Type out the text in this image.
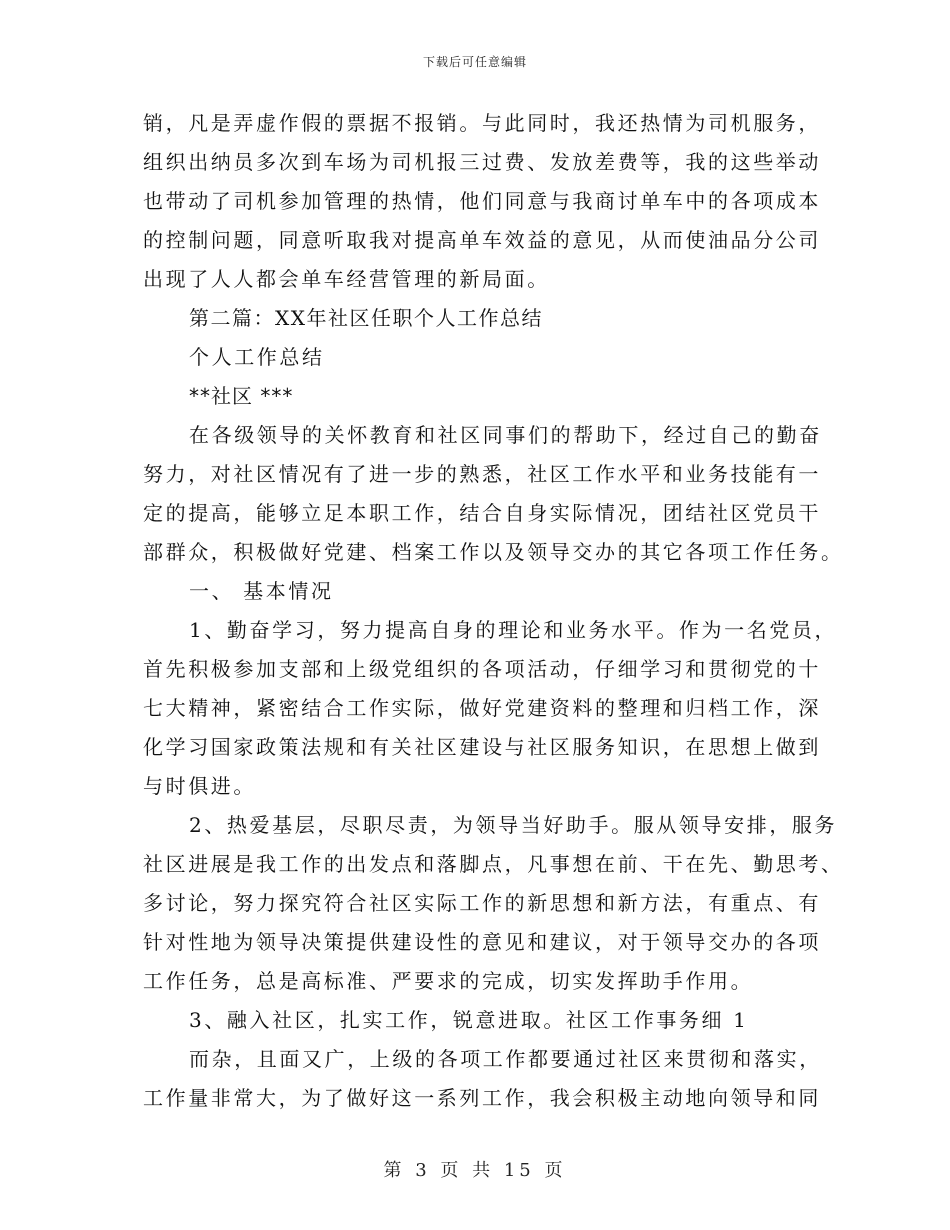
下载后可任意编辑
销，凡是弄虚作假的票据不报销。与此同时，我还热情为司机服务，
组织出纳员多次到车场为司机报三过费、发放差费等，我的这些举动
也带动了司机参加管理的热情，他们同意与我商讨单车中的各项成本
的控制问题，同意听取我对提高单车效益的意见，从而使油品分公司
出现了人人都会单车经营管理的新局面。
第二篇：XX年社区任职个人工作总结
个人工作总结
**社区 ***
在各级领导的关怀教育和社区同事们的帮助下，经过自己的勤奋
努力，对社区情况有了进一步的熟悉，社区工作水平和业务技能有一
定的提高，能够立足本职工作，结合自身实际情况，团结社区党员干
部群众，积极做好党建、档案工作以及领导交办的其它各项工作任务。
一、 基本情况
1、勤奋学习，努力提高自身的理论和业务水平。作为一名党员，
首先积极参加支部和上级党组织的各项活动，仔细学习和贯彻党的十
七大精神，紧密结合工作实际，做好党建资料的整理和归档工作，深
化学习国家政策法规和有关社区建设与社区服务知识，在思想上做到
与时俱进。
2、热爱基层，尽职尽责，为领导当好助手。服从领导安排，服务
社区进展是我工作的出发点和落脚点，凡事想在前、干在先、勤思考、
多讨论，努力探究符合社区实际工作的新思想和新方法，有重点、有
针对性地为领导决策提供建设性的意见和建议，对于领导交办的各项
工作任务，总是高标准、严要求的完成，切实发挥助手作用。
3、融入社区，扎实工作，锐意进取。社区工作事务细 1
而杂，且面又广，上级的各项工作都要通过社区来贯彻和落实，
工作量非常大，为了做好这一系列工作，我会积极主动地向领导和同
第 3 页 共 15 页
